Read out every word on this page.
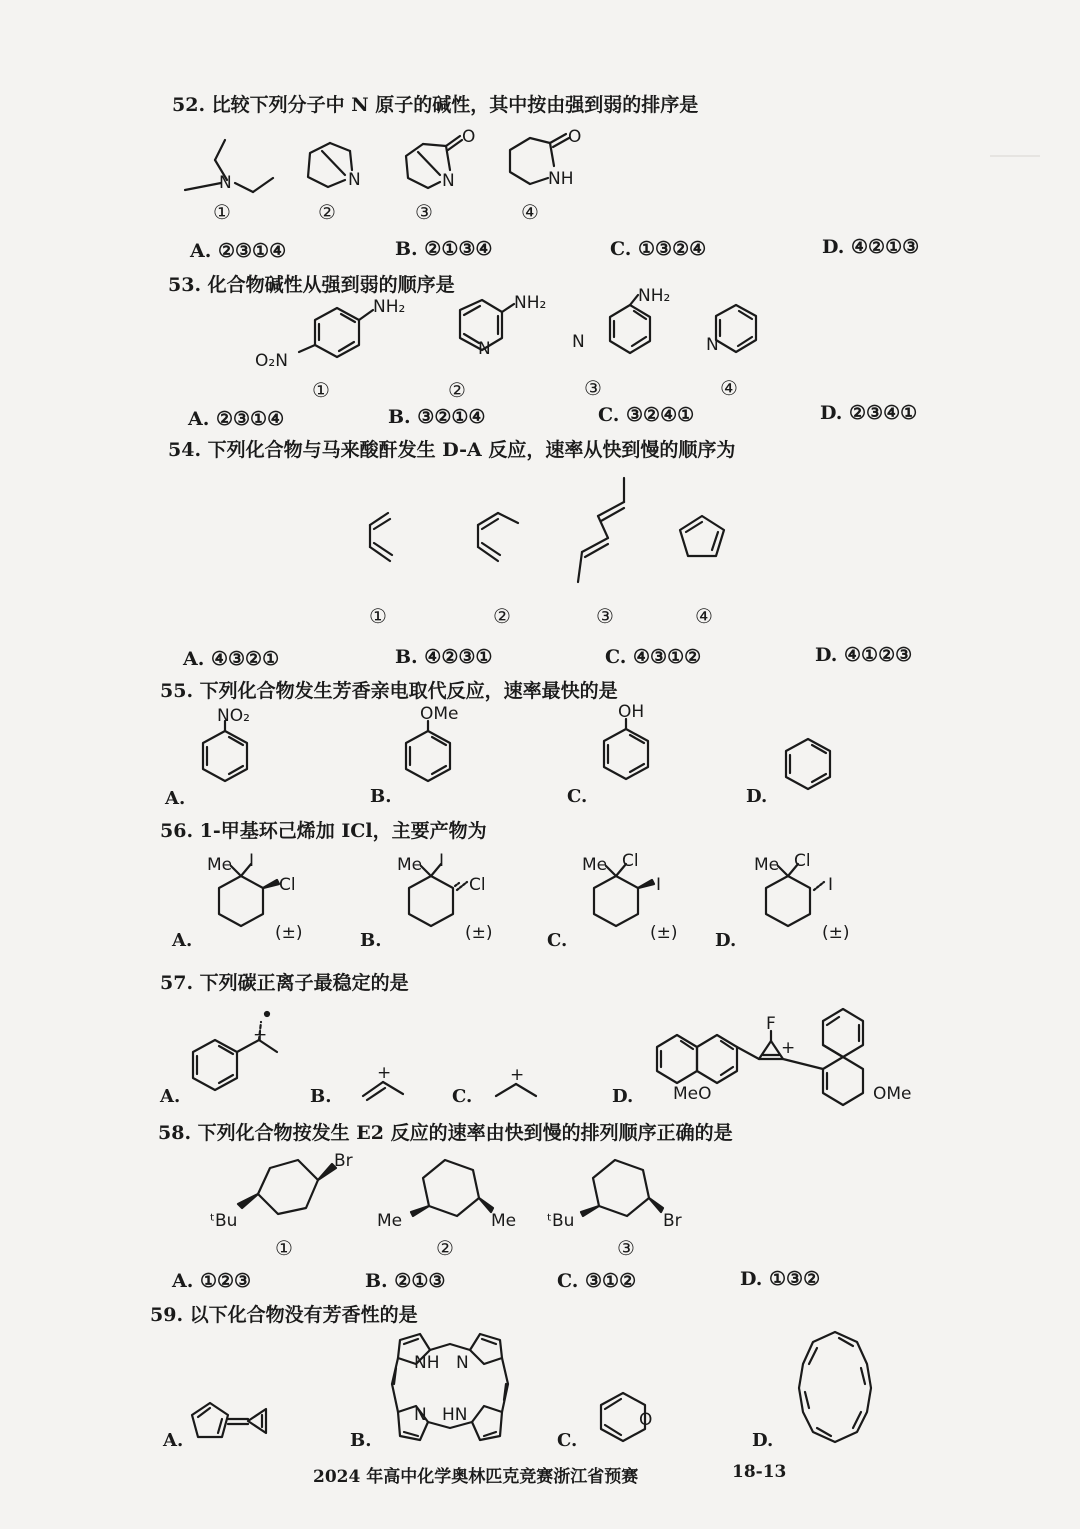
52. 比较下列分子中 N 原子的碱性，其中按由强到弱的排序是
N	N
O
N
O
NH
①	②	③	④
A. ②③①④	B. ②①③④	C. ①③②④	D. ④②①③
53. 化合物碱性从强到弱的顺序是
NH₂
O₂N
NH₂
N
NH₂
N	N
①	②	③	④
A. ②③①④	B. ③②①④	C. ③②④①	D. ②③④①
54. 下列化合物与马来酸酐发生 D-A 反应，速率从快到慢的顺序为
①	②	③	④
A. ④③②①	B. ④②③①	C. ④③①②	D. ④①②③
55. 下列化合物发生芳香亲电取代反应，速率最快的是
NO₂	OMe	OH
A.	B.	C.	D.
56. 1-甲基环己烯加 ICl，主要产物为
Me I
Cl
(±)
Me I
Cl
(±)
Me Cl
I
(±)
Me Cl
I
(±)
A.	B.	C.	D.
57. 下列碳正离子最稳定的是
+
+	+
F
+
MeO	OMe
A.	B.	C.	D.
58. 下列化合物按发生 E2 反应的速率由快到慢的排列顺序正确的是
Br
ᵗBu	Me	Me ᵗBu	Br
①	②	③
A. ①②③	B. ②①③	C. ③①②	D. ①③②
59. 以下化合物没有芳香性的是
NH N
N HN	O
A.	B.	C.	D.
2024 年高中化学奥林匹克竞赛浙江省预赛	18-13
